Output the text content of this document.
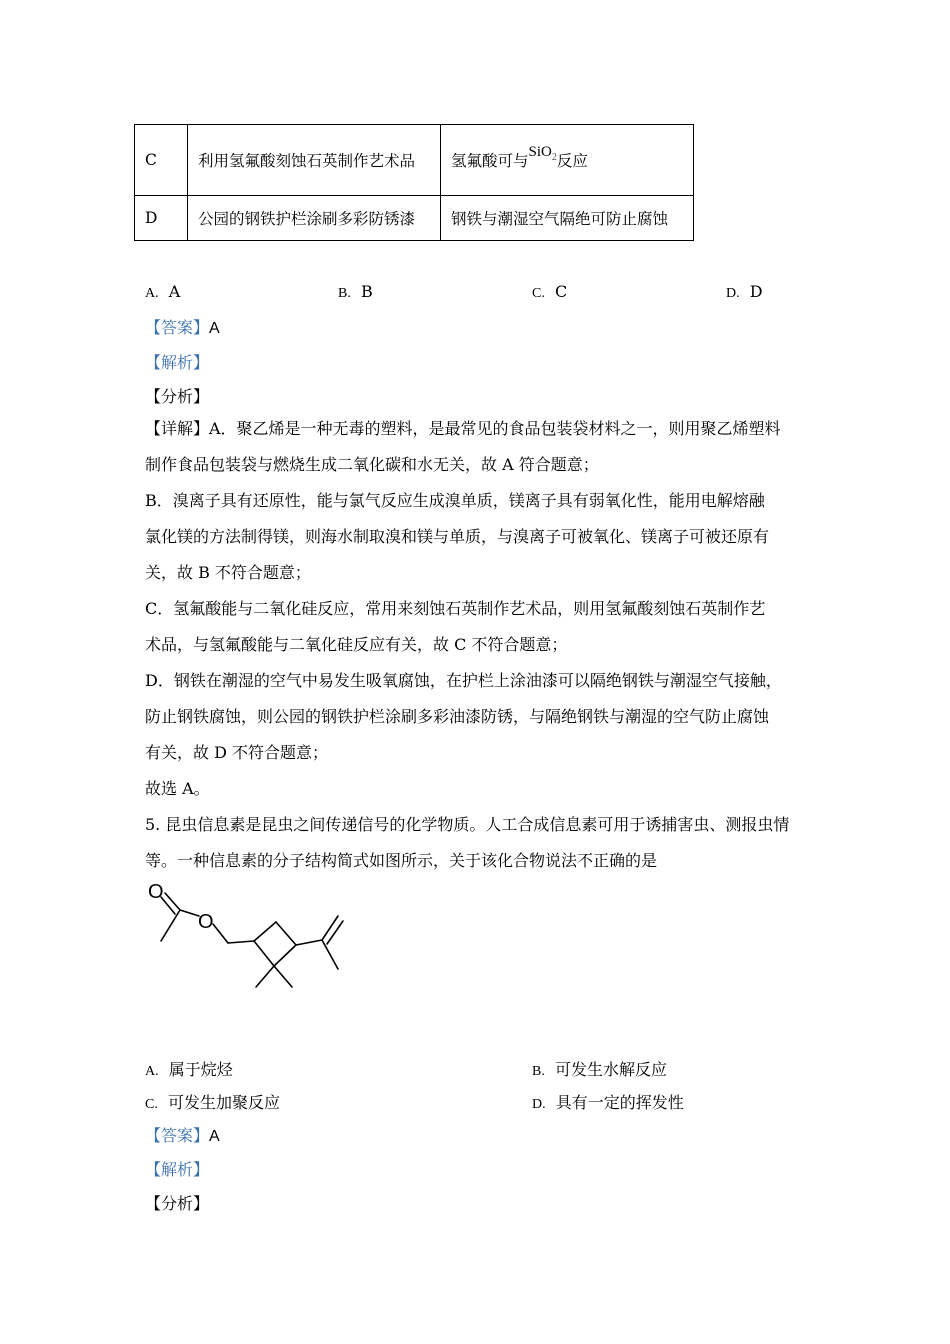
C	利用氢氟酸刻蚀石英制作艺术品	氢氟酸可与SiO$_2$反应
D	公园的钢铁护栏涂刷多彩防锈漆	钢铁与潮湿空气隔绝可防止腐蚀
A. A	B. B	C. C	D. D
【答案】A
【解析】
【分析】
【详解】A．聚乙烯是一种无毒的塑料，是最常见的食品包装袋材料之一，则用聚乙烯塑料
制作食品包装袋与燃烧生成二氧化碳和水无关，故 A 符合题意；
B．溴离子具有还原性，能与氯气反应生成溴单质，镁离子具有弱氧化性，能用电解熔融
氯化镁的方法制得镁，则海水制取溴和镁与单质，与溴离子可被氧化、镁离子可被还原有
关，故 B 不符合题意；
C．氢氟酸能与二氧化硅反应，常用来刻蚀石英制作艺术品，则用氢氟酸刻蚀石英制作艺
术品，与氢氟酸能与二氧化硅反应有关，故 C 不符合题意；
D．钢铁在潮湿的空气中易发生吸氧腐蚀，在护栏上涂油漆可以隔绝钢铁与潮湿空气接触，
防止钢铁腐蚀，则公园的钢铁护栏涂刷多彩油漆防锈，与隔绝钢铁与潮湿的空气防止腐蚀
有关，故 D 不符合题意；
故选 A。
5. 昆虫信息素是昆虫之间传递信号的化学物质。人工合成信息素可用于诱捕害虫、测报虫情
等。一种信息素的分子结构简式如图所示，关于该化合物说法不正确的是
O
O
A. 属于烷烃	B. 可发生水解反应
C. 可发生加聚反应	D. 具有一定的挥发性
【答案】A
【解析】
【分析】
